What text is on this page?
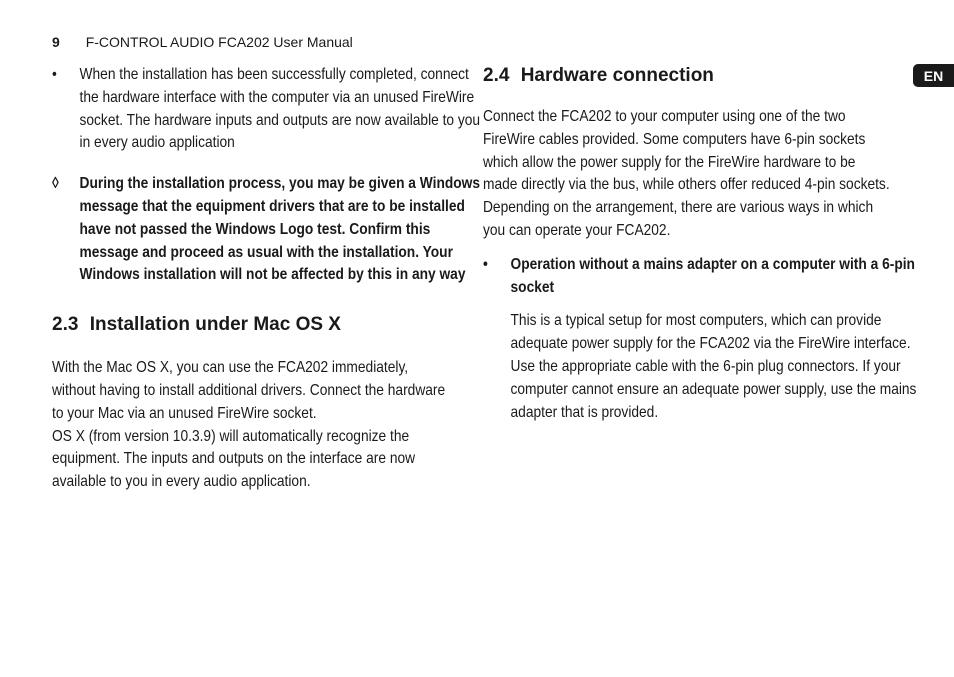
9 F-CONTROL AUDIO FCA202 User Manual
EN
• When the installation has been successfully completed, connect the hardware interface with the computer via an unused FireWire socket. The hardware inputs and outputs are now available to you in every audio application
◊ During the installation process, you may be given a Windows message that the equipment drivers that are to be installed have not passed the Windows Logo test. Confirm this message and proceed as usual with the installation. Your Windows installation will not be affected by this in any way
2.3 Installation under Mac OS X
With the Mac OS X, you can use the FCA202 immediately, without having to install additional drivers. Connect the hardware to your Mac via an unused FireWire socket.
OS X (from version 10.3.9) will automatically recognize the equipment. The inputs and outputs on the interface are now available to you in every audio application.
2.4 Hardware connection
Connect the FCA202 to your computer using one of the two FireWire cables provided. Some computers have 6-pin sockets which allow the power supply for the FireWire hardware to be made directly via the bus, while others offer reduced 4-pin sockets. Depending on the arrangement, there are various ways in which you can operate your FCA202.
• Operation without a mains adapter on a computer with a 6-pin socket
This is a typical setup for most computers, which can provide adequate power supply for the FCA202 via the FireWire interface. Use the appropriate cable with the 6-pin plug connectors. If your computer cannot ensure an adequate power supply, use the mains adapter that is provided.
